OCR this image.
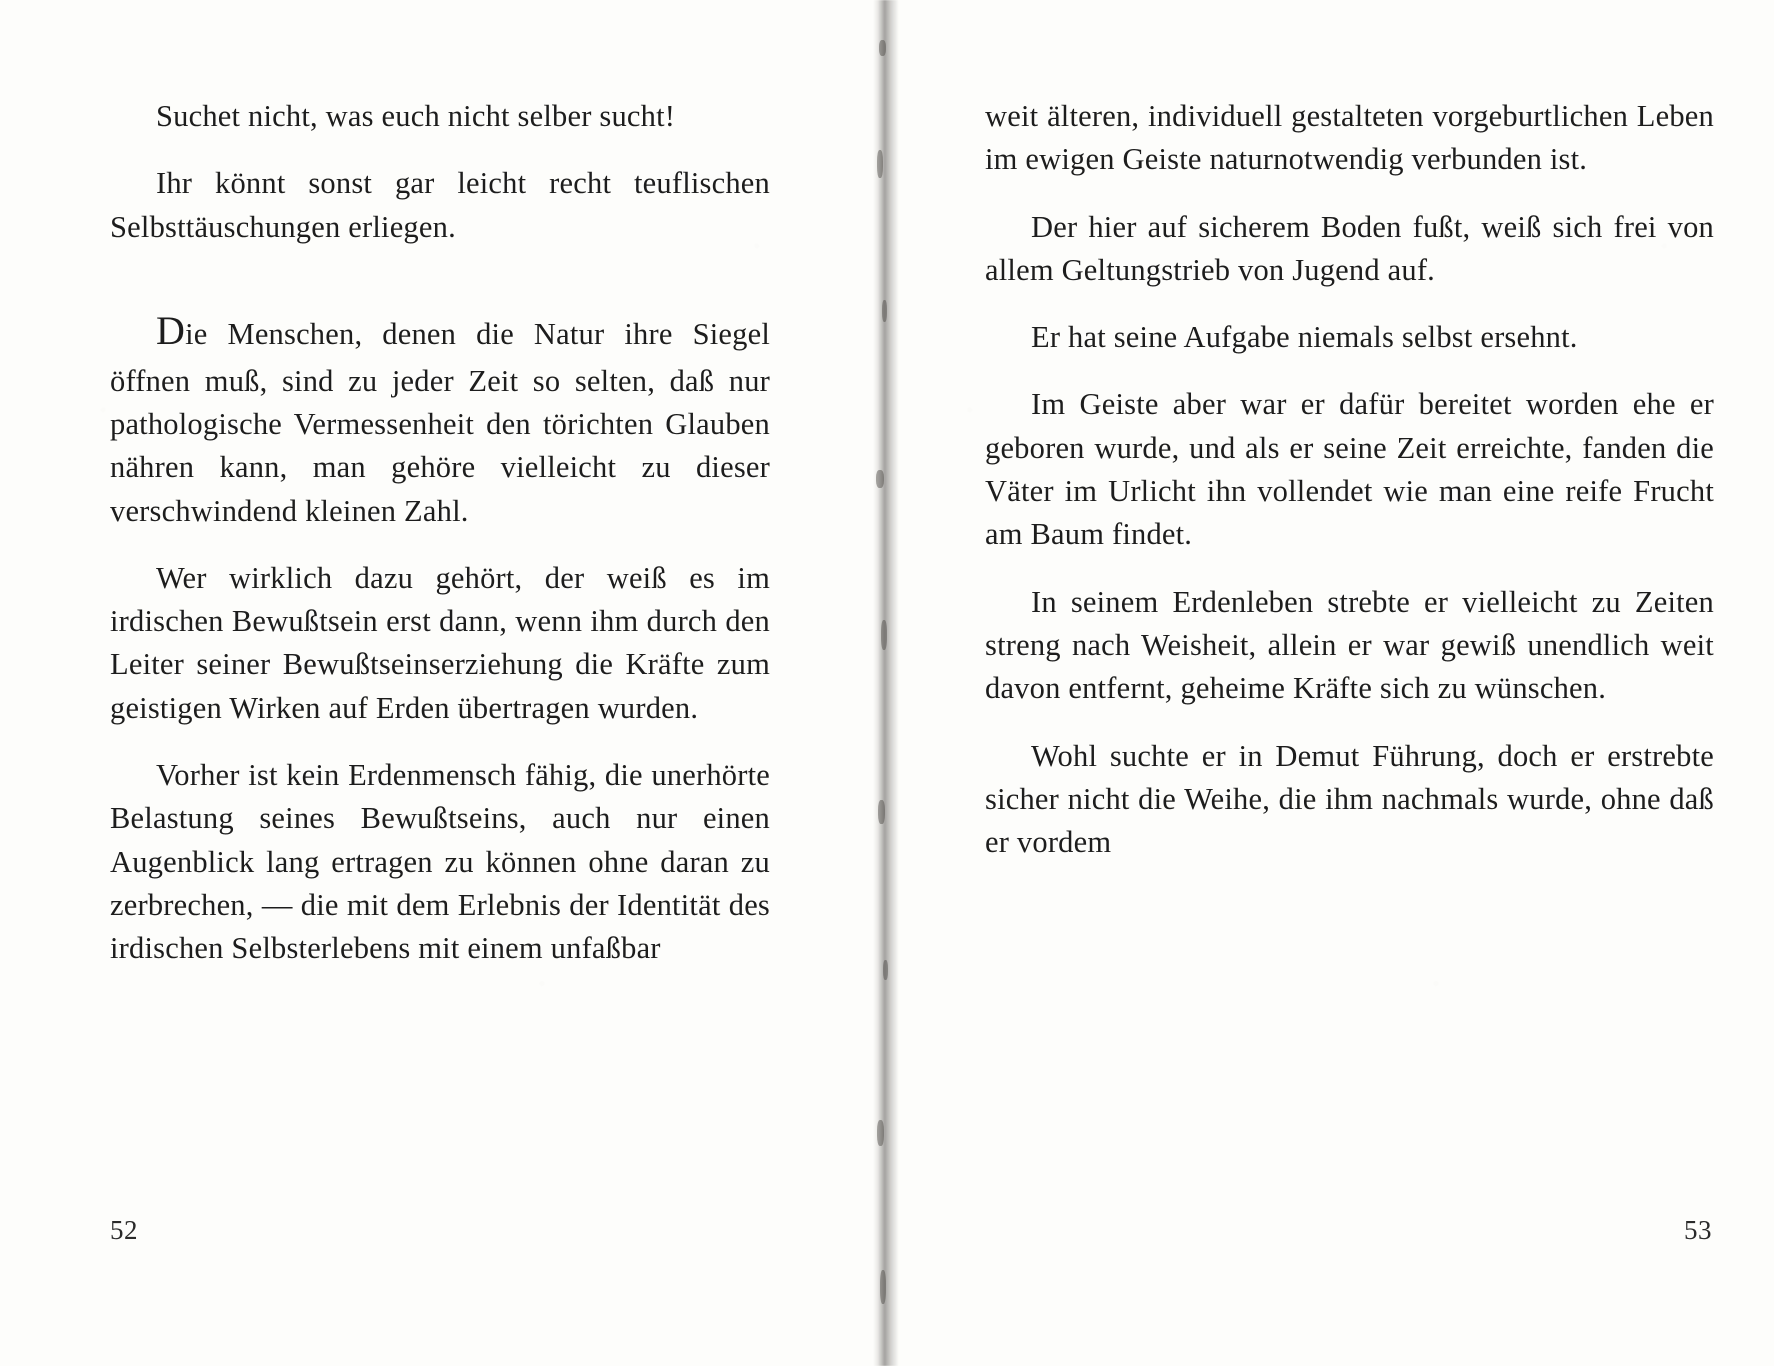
Suchet nicht, was euch nicht selber sucht!

Ihr könnt sonst gar leicht recht teuflischen Selbsttäuschungen erliegen.

Die Menschen, denen die Natur ihre Siegel öffnen muß, sind zu jeder Zeit so selten, daß nur pathologische Vermessenheit den törichten Glauben nähren kann, man gehöre vielleicht zu dieser verschwindend kleinen Zahl.

Wer wirklich dazu gehört, der weiß es im irdischen Bewußtsein erst dann, wenn ihm durch den Leiter seiner Bewußtseinserziehung die Kräfte zum geistigen Wirken auf Erden übertragen wurden.

Vorher ist kein Erdenmensch fähig, die unerhörte Belastung seines Bewußtseins, auch nur einen Augenblick lang ertragen zu können ohne daran zu zerbrechen, — die mit dem Erlebnis der Identität des irdischen Selbsterlebens mit einem unfaßbar

52

weit älteren, individuell gestalteten vorgeburtlichen Leben im ewigen Geiste naturnotwendig verbunden ist.

Der hier auf sicherem Boden fußt, weiß sich frei von allem Geltungstrieb von Jugend auf.

Er hat seine Aufgabe niemals selbst ersehnt.

Im Geiste aber war er dafür bereitet worden ehe er geboren wurde, und als er seine Zeit erreichte, fanden die Väter im Urlicht ihn vollendet wie man eine reife Frucht am Baum findet.

In seinem Erdenleben strebte er vielleicht zu Zeiten streng nach Weisheit, allein er war gewiß unendlich weit davon entfernt, geheime Kräfte sich zu wünschen.

Wohl suchte er in Demut Führung, doch er erstrebte sicher nicht die Weihe, die ihm nachmals wurde, ohne daß er vordem

53
